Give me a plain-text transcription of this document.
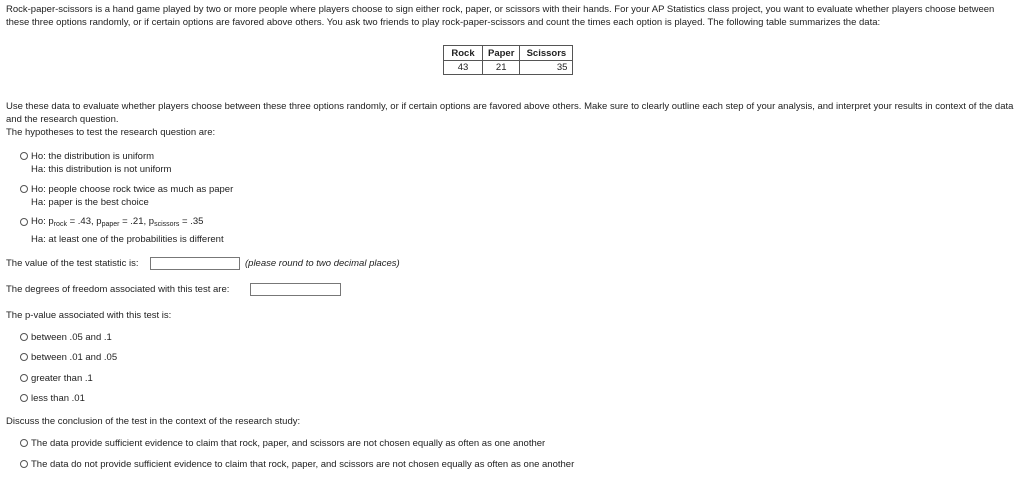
Rock-paper-scissors is a hand game played by two or more people where players choose to sign either rock, paper, or scissors with their hands. For your AP Statistics class project, you want to evaluate whether players choose between these three options randomly, or if certain options are favored above others. You ask two friends to play rock-paper-scissors and count the times each option is played. The following table summarizes the data:

Rock	Paper	Scissors
43	21	35

Use these data to evaluate whether players choose between these three options randomly, or if certain options are favored above others. Make sure to clearly outline each step of your analysis, and interpret your results in context of the data and the research question.

The hypotheses to test the research question are:
Ho: the distribution is uniform
Ha: this distribution is not uniform
Ho: people choose rock twice as much as paper
Ha: paper is the best choice
Ho: $p_{rock} = .43$, $p_{paper} = .21$, $p_{scissors} = .35$
Ha: at least one of the probabilities is different
The value of the test statistic is:	(please round to two decimal places)
The degrees of freedom associated with this test are:
The p-value associated with this test is:
between .05 and .1
between .01 and .05
greater than .1
less than .01
Discuss the conclusion of the test in the context of the research study:
The data provide sufficient evidence to claim that rock, paper, and scissors are not chosen equally as often as one another
The data do not provide sufficient evidence to claim that rock, paper, and scissors are not chosen equally as often as one another
